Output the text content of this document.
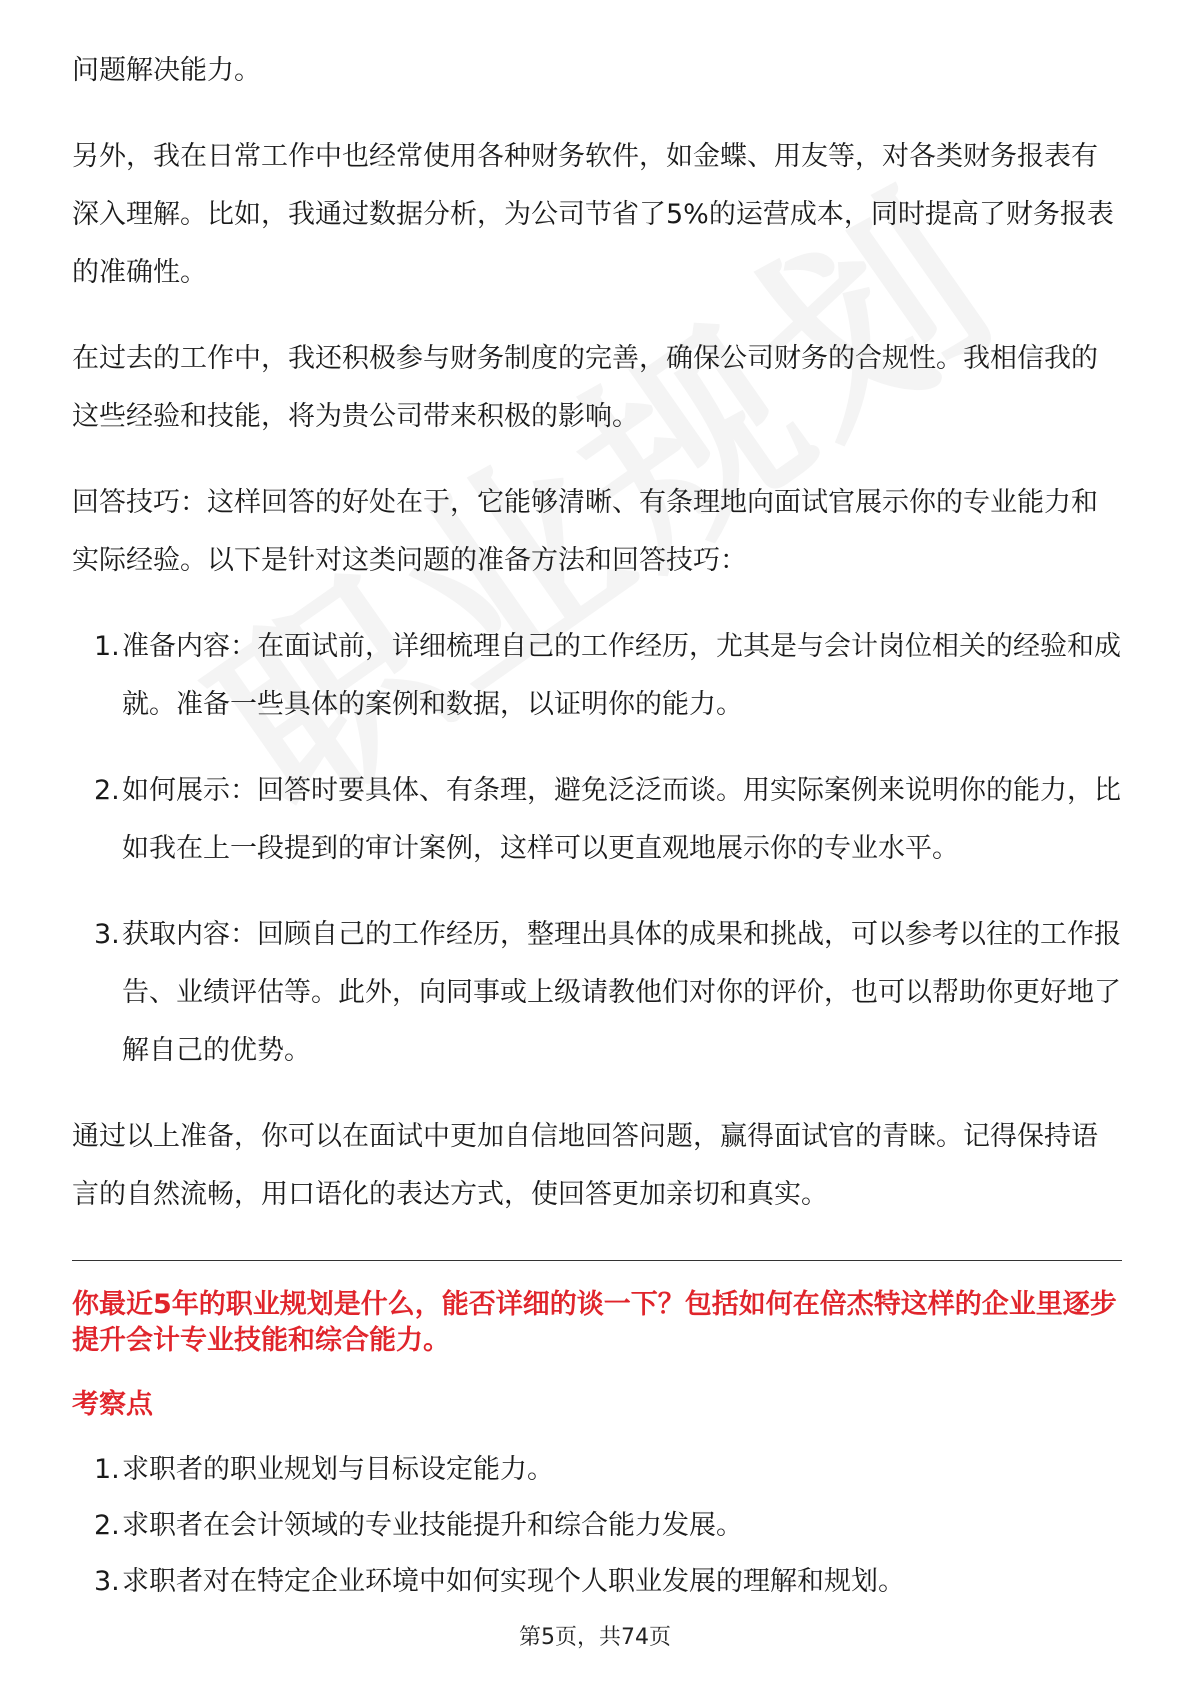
问题解决能力。

另外，我在日常工作中也经常使用各种财务软件，如金蝶、用友等，对各类财务报表有深入理解。比如，我通过数据分析，为公司节省了5%的运营成本，同时提高了财务报表的准确性。

在过去的工作中，我还积极参与财务制度的完善，确保公司财务的合规性。我相信我的这些经验和技能，将为贵公司带来积极的影响。

回答技巧：这样回答的好处在于，它能够清晰、有条理地向面试官展示你的专业能力和实际经验。以下是针对这类问题的准备方法和回答技巧：

1. 准备内容：在面试前，详细梳理自己的工作经历，尤其是与会计岗位相关的经验和成就。准备一些具体的案例和数据，以证明你的能力。
2. 如何展示：回答时要具体、有条理，避免泛泛而谈。用实际案例来说明你的能力，比如我在上一段提到的审计案例，这样可以更直观地展示你的专业水平。
3. 获取内容：回顾自己的工作经历，整理出具体的成果和挑战，可以参考以往的工作报告、业绩评估等。此外，向同事或上级请教他们对你的评价，也可以帮助你更好地了解自己的优势。

通过以上准备，你可以在面试中更加自信地回答问题，赢得面试官的青睐。记得保持语言的自然流畅，用口语化的表达方式，使回答更加亲切和真实。

你最近5年的职业规划是什么，能否详细的谈一下？包括如何在倍杰特这样的企业里逐步提升会计专业技能和综合能力。
考察点
1. 求职者的职业规划与目标设定能力。
2. 求职者在会计领域的专业技能提升和综合能力发展。
3. 求职者对在特定企业环境中如何实现个人职业发展的理解和规划。
第5页，共74页
